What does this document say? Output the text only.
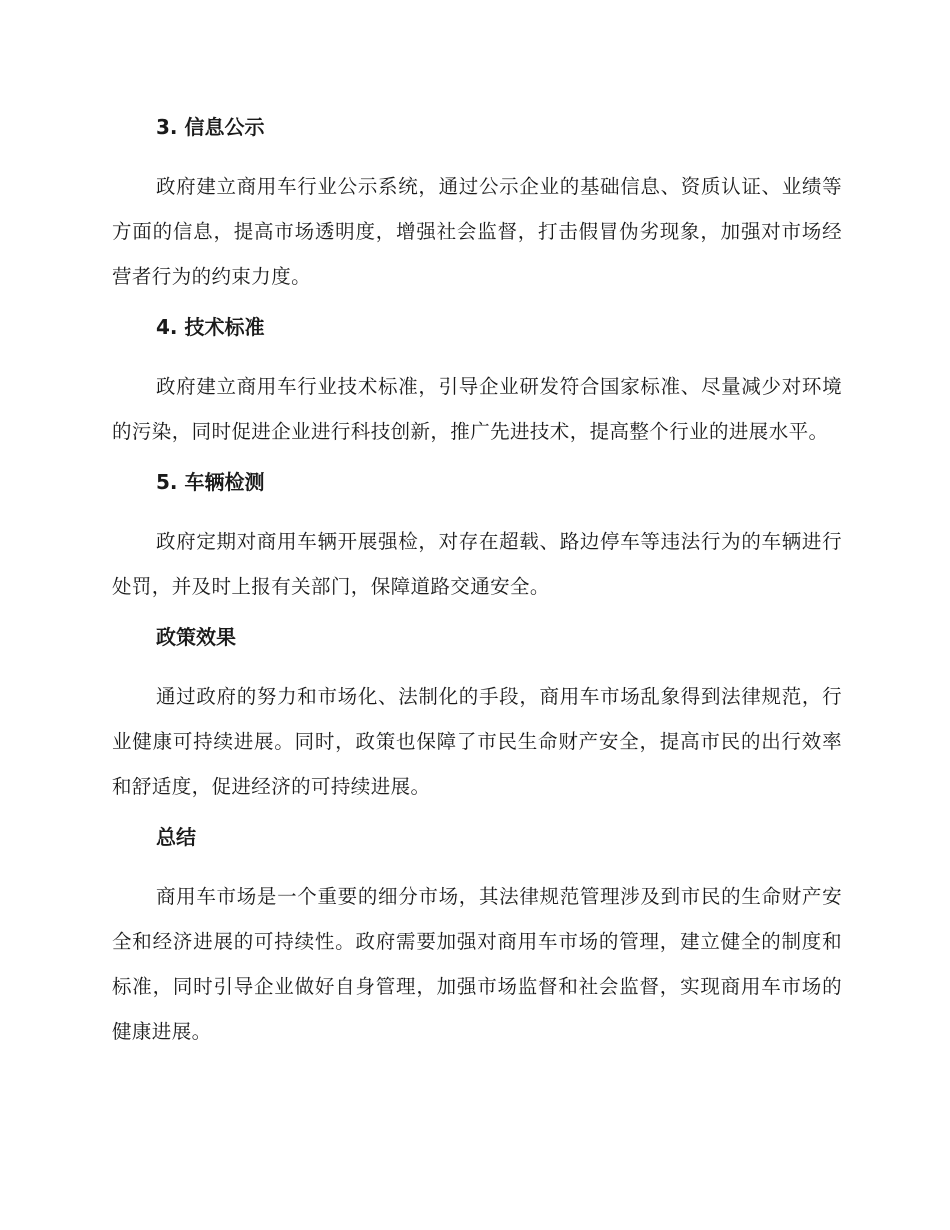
3. 信息公示

政府建立商用车行业公示系统，通过公示企业的基础信息、资质认证、业绩等方面的信息，提高市场透明度，增强社会监督，打击假冒伪劣现象，加强对市场经营者行为的约束力度。

4. 技术标准

政府建立商用车行业技术标准，引导企业研发符合国家标准、尽量减少对环境的污染，同时促进企业进行科技创新，推广先进技术，提高整个行业的进展水平。

5. 车辆检测

政府定期对商用车辆开展强检，对存在超载、路边停车等违法行为的车辆进行处罚，并及时上报有关部门，保障道路交通安全。

政策效果

通过政府的努力和市场化、法制化的手段，商用车市场乱象得到法律规范，行业健康可持续进展。同时，政策也保障了市民生命财产安全，提高市民的出行效率和舒适度，促进经济的可持续进展。

总结

商用车市场是一个重要的细分市场，其法律规范管理涉及到市民的生命财产安全和经济进展的可持续性。政府需要加强对商用车市场的管理，建立健全的制度和标准，同时引导企业做好自身管理，加强市场监督和社会监督，实现商用车市场的健康进展。
